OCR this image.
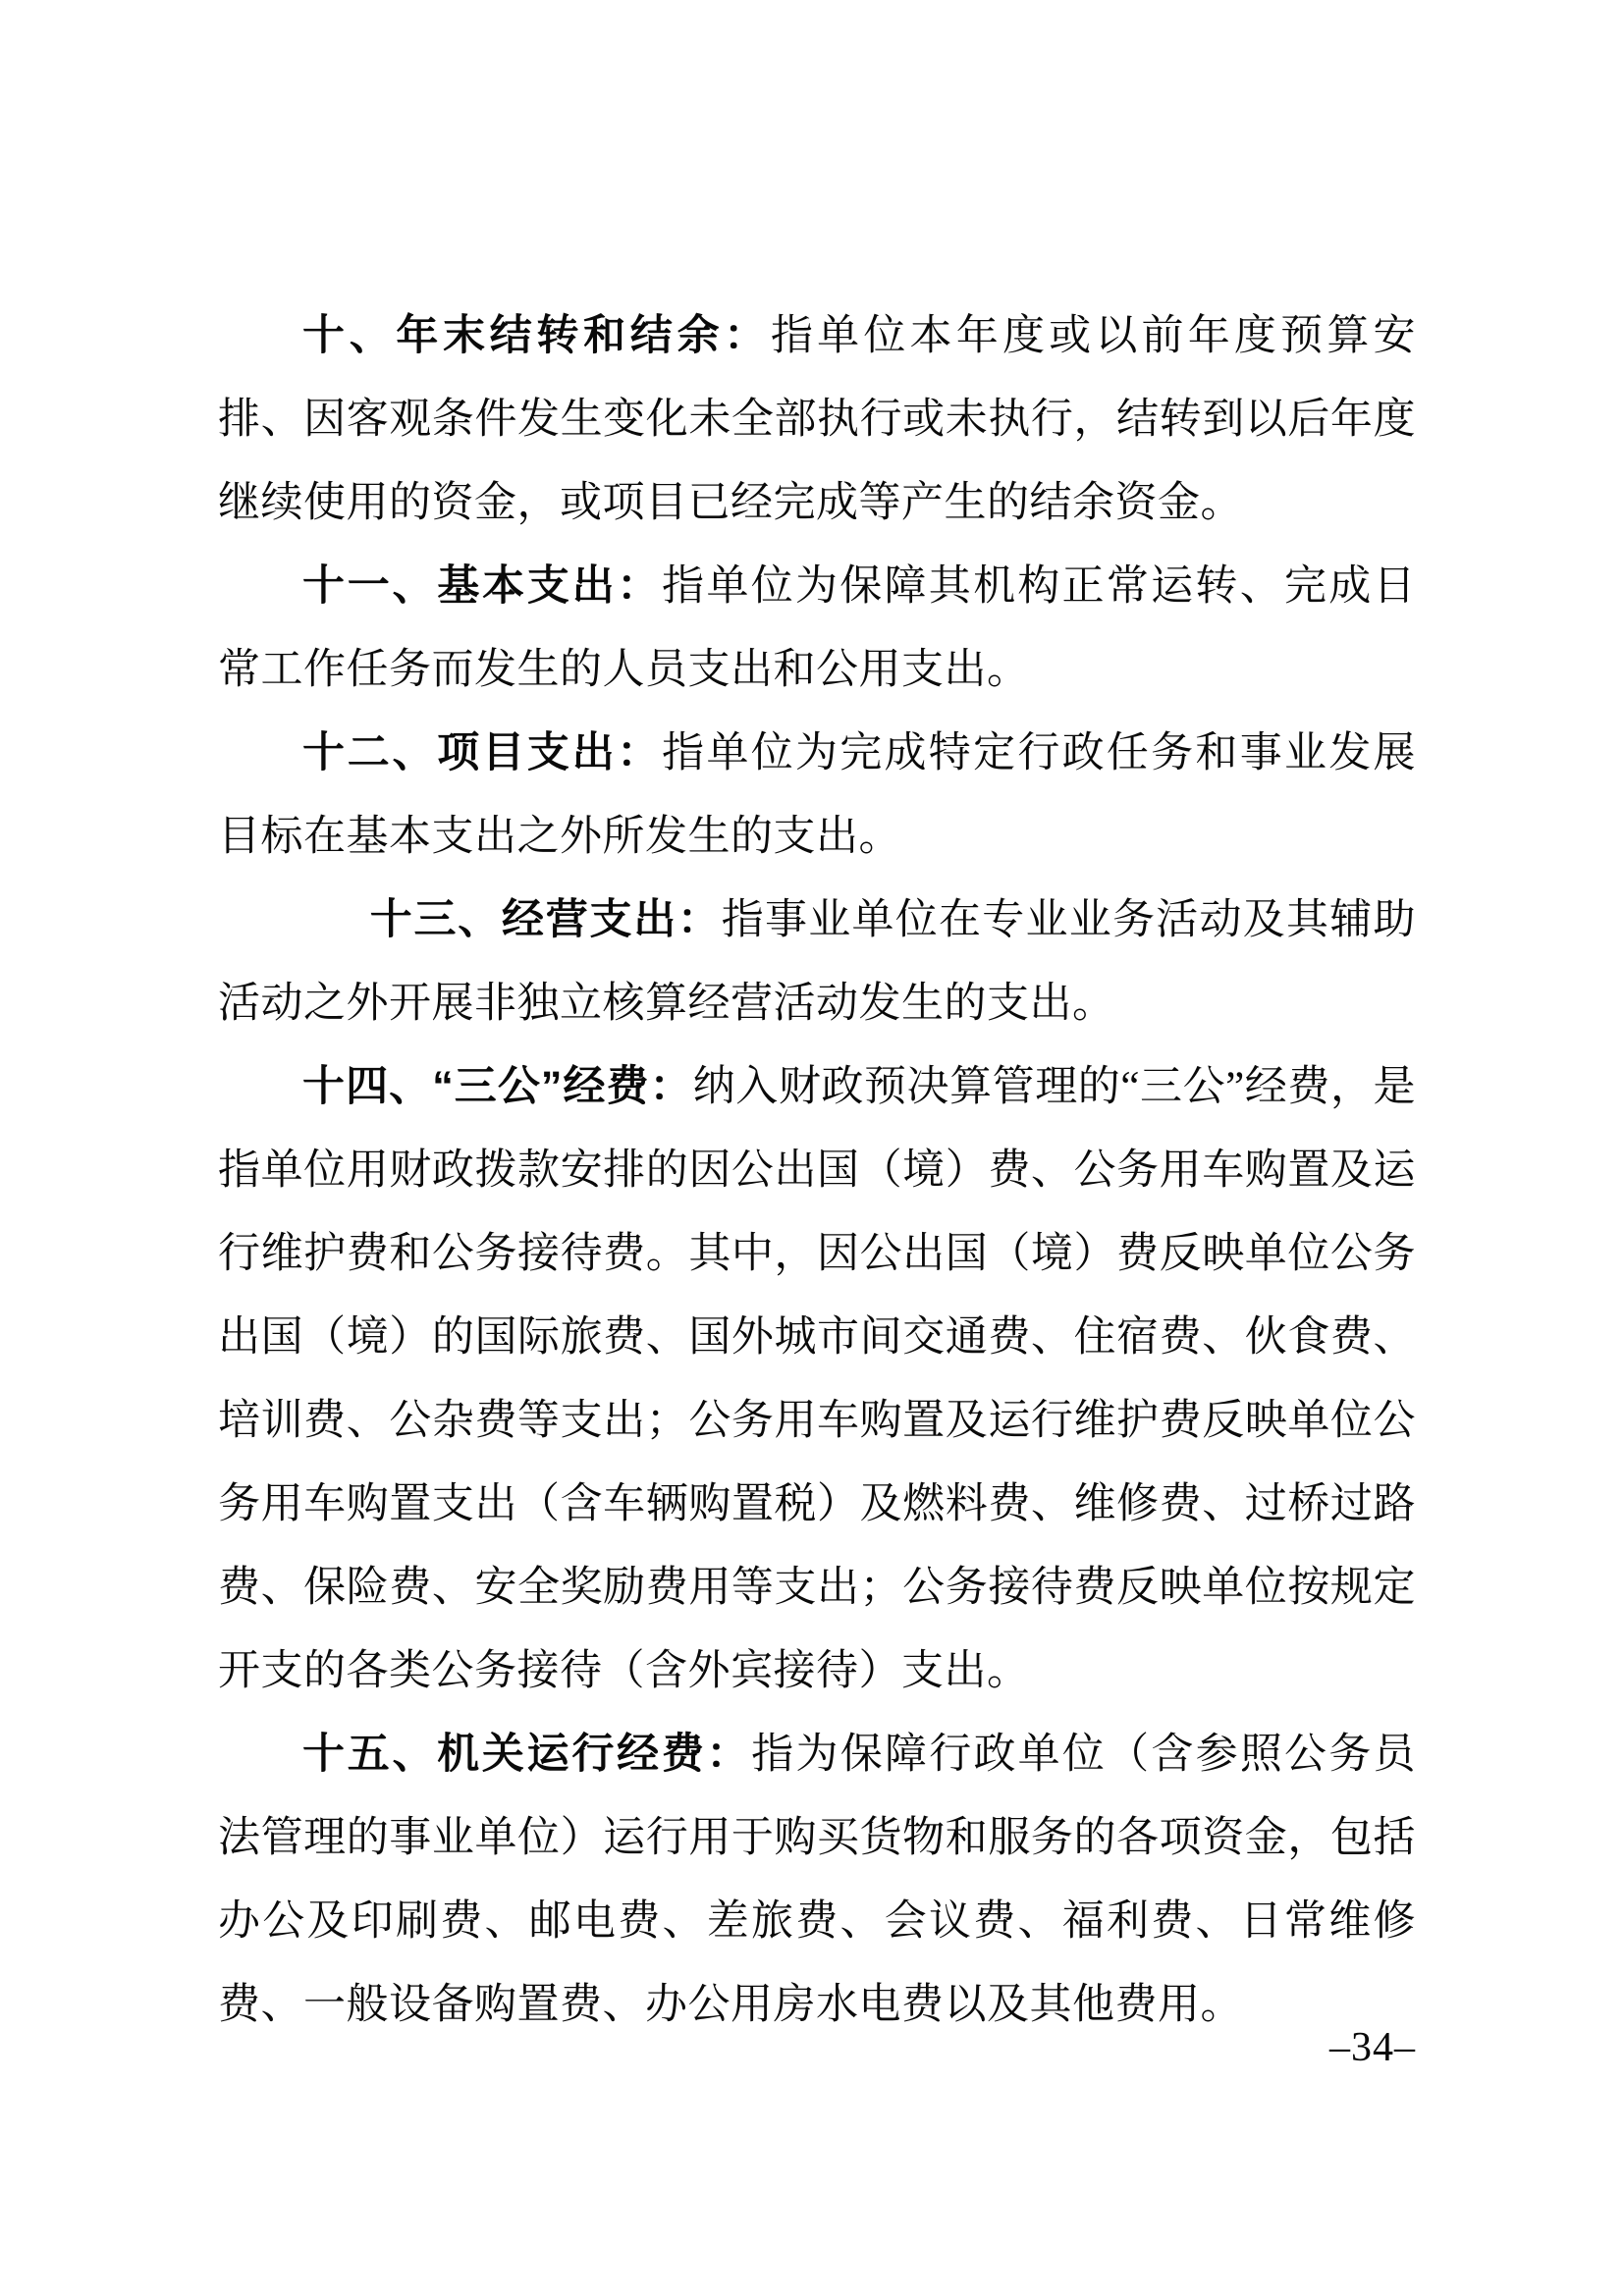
十、年末结转和结余：指单位本年度或以前年度预算安排、因客观条件发生变化未全部执行或未执行，结转到以后年度继续使用的资金，或项目已经完成等产生的结余资金。

十一、基本支出：指单位为保障其机构正常运转、完成日常工作任务而发生的人员支出和公用支出。

十二、项目支出：指单位为完成特定行政任务和事业发展目标在基本支出之外所发生的支出。

十三、经营支出：指事业单位在专业业务活动及其辅助活动之外开展非独立核算经营活动发生的支出。

十四、“三公”经费：纳入财政预决算管理的“三公”经费，是指单位用财政拨款安排的因公出国（境）费、公务用车购置及运行维护费和公务接待费。其中，因公出国（境）费反映单位公务出国（境）的国际旅费、国外城市间交通费、住宿费、伙食费、培训费、公杂费等支出；公务用车购置及运行维护费反映单位公务用车购置支出（含车辆购置税）及燃料费、维修费、过桥过路费、保险费、安全奖励费用等支出；公务接待费反映单位按规定开支的各类公务接待（含外宾接待）支出。

十五、机关运行经费：指为保障行政单位（含参照公务员法管理的事业单位）运行用于购买货物和服务的各项资金，包括办公及印刷费、邮电费、差旅费、会议费、福利费、日常维修费、一般设备购置费、办公用房水电费以及其他费用。

–34–
